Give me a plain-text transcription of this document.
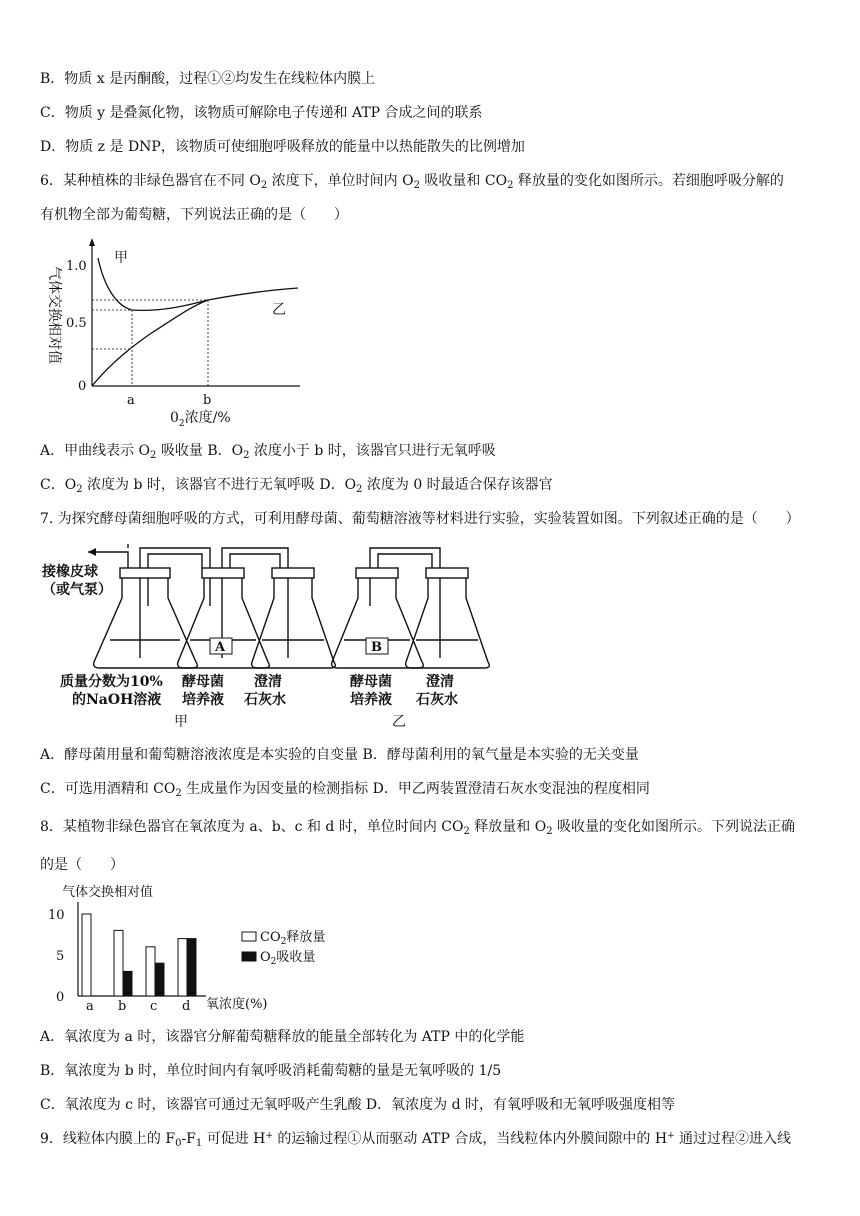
B．物质 x 是丙酮酸，过程①②均发生在线粒体内膜上
C．物质 y 是叠氮化物，该物质可解除电子传递和 ATP 合成之间的联系
D．物质 z 是 DNP，该物质可使细胞呼吸释放的能量中以热能散失的比例增加
6．某种植株的非绿色器官在不同 $O_2$ 浓度下，单位时间内 $O_2$ 吸收量和 $CO_2$ 释放量的变化如图所示。若细胞呼吸分解的
有机物全部为葡萄糖，下列说法正确的是（　　）
气体交换相对值 1.0
0.5
0
甲
乙
a	b
$0_2$浓度/%
A．甲曲线表示 $O_2$ 吸收量 B．$O_2$ 浓度小于 b 时，该器官只进行无氧呼吸
C．$O_2$ 浓度为 b 时，该器官不进行无氧呼吸 D．$O_2$ 浓度为 0 时最适合保存该器官
7. 为探究酵母菌细胞呼吸的方式，可利用酵母菌、葡萄糖溶液等材料进行实验，实验装置如图。下列叙述正确的是（　　）
A	B
接橡皮球
（或气泵）
质量分数为10%
的NaOH溶液
酵母菌
培养液
澄清
石灰水
酵母菌
培养液
澄清
石灰水
甲	乙
A．酵母菌用量和葡萄糖溶液浓度是本实验的自变量 B．酵母菌利用的氧气量是本实验的无关变量
C．可选用酒精和 $CO_2$ 生成量作为因变量的检测指标 D．甲乙两装置澄清石灰水变混浊的程度相同
8．某植物非绿色器官在氧浓度为 a、b、c 和 d 时，单位时间内 $CO_2$ 释放量和 $O_2$ 吸收量的变化如图所示。下列说法正确
的是（　　）
气体交换相对值
10
5
0
a b c d 氧浓度(%)
$CO_2$释放量
$O_2$吸收量
A．氧浓度为 a 时，该器官分解葡萄糖释放的能量全部转化为 ATP 中的化学能
B．氧浓度为 b 时，单位时间内有氧呼吸消耗葡萄糖的量是无氧呼吸的 1/5
C．氧浓度为 c 时，该器官可通过无氧呼吸产生乳酸 D．氧浓度为 d 时，有氧呼吸和无氧呼吸强度相等
9．线粒体内膜上的 $F_0-F_1$ 可促进 H+ 的运输过程①从而驱动 ATP 合成，当线粒体内外膜间隙中的 H+ 通过过程②进入线
